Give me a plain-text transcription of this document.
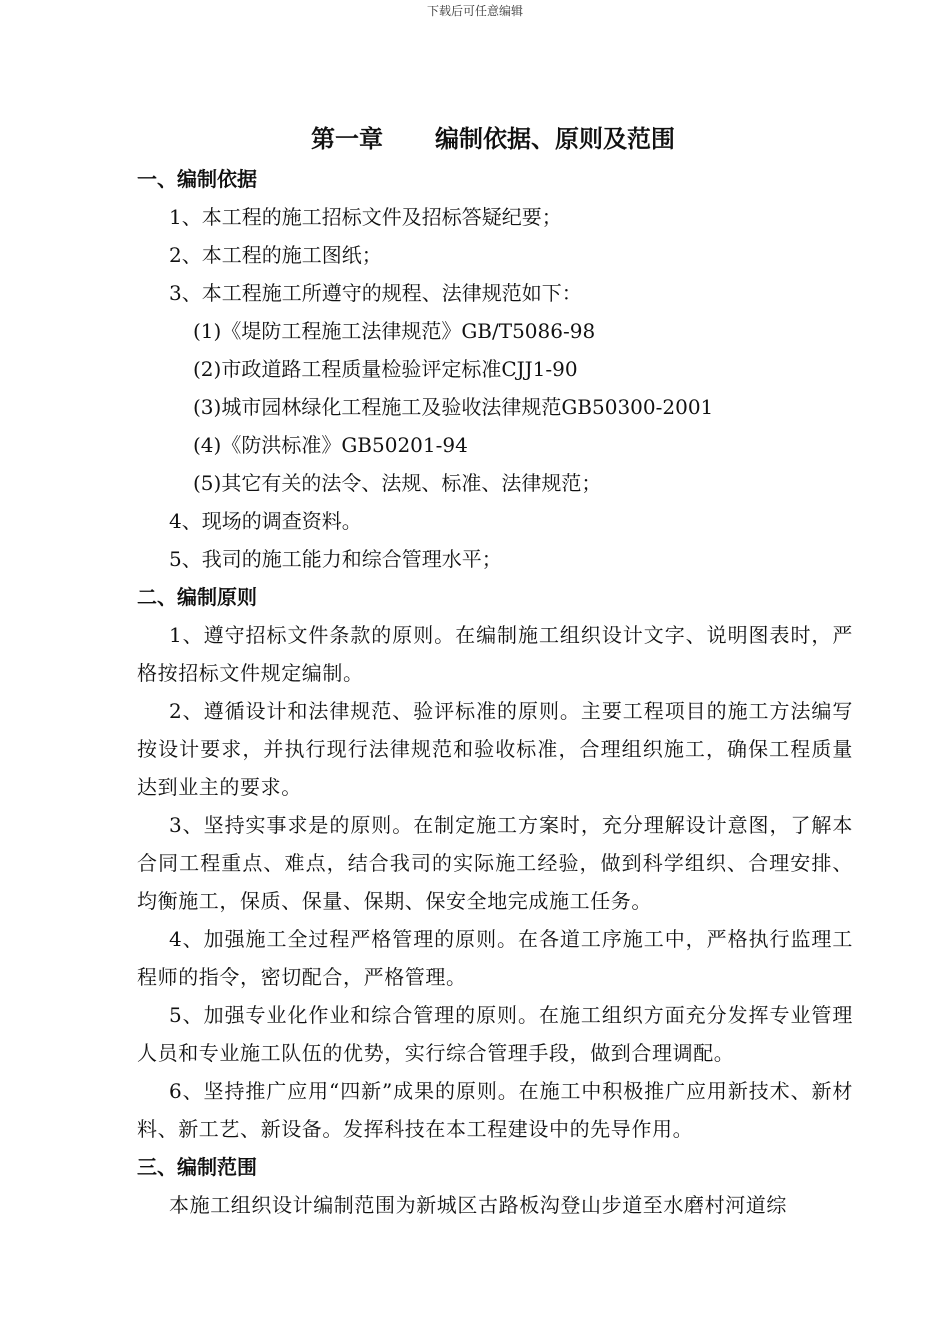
下载后可任意编辑
第一章 编制依据、原则及范围
一、编制依据
1、本工程的施工招标文件及招标答疑纪要；
2、本工程的施工图纸；
3、本工程施工所遵守的规程、法律规范如下：
(1)《堤防工程施工法律规范》GB/T5086-98
(2)市政道路工程质量检验评定标准CJJ1-90
(3)城市园林绿化工程施工及验收法律规范GB50300-2001
(4)《防洪标准》GB50201-94
(5)其它有关的法令、法规、标准、法律规范；
4、现场的调查资料。
5、我司的施工能力和综合管理水平；
二、编制原则
1、遵守招标文件条款的原则。在编制施工组织设计文字、说明图表时，严格按招标文件规定编制。
2、遵循设计和法律规范、验评标准的原则。主要工程项目的施工方法编写按设计要求，并执行现行法律规范和验收标准，合理组织施工，确保工程质量达到业主的要求。
3、坚持实事求是的原则。在制定施工方案时，充分理解设计意图，了解本合同工程重点、难点，结合我司的实际施工经验，做到科学组织、合理安排、均衡施工，保质、保量、保期、保安全地完成施工任务。
4、加强施工全过程严格管理的原则。在各道工序施工中，严格执行监理工程师的指令，密切配合，严格管理。
5、加强专业化作业和综合管理的原则。在施工组织方面充分发挥专业管理人员和专业施工队伍的优势，实行综合管理手段，做到合理调配。
6、坚持推广应用“四新”成果的原则。在施工中积极推广应用新技术、新材料、新工艺、新设备。发挥科技在本工程建设中的先导作用。
三、编制范围
本施工组织设计编制范围为新城区古路板沟登山步道至水磨村河道综
